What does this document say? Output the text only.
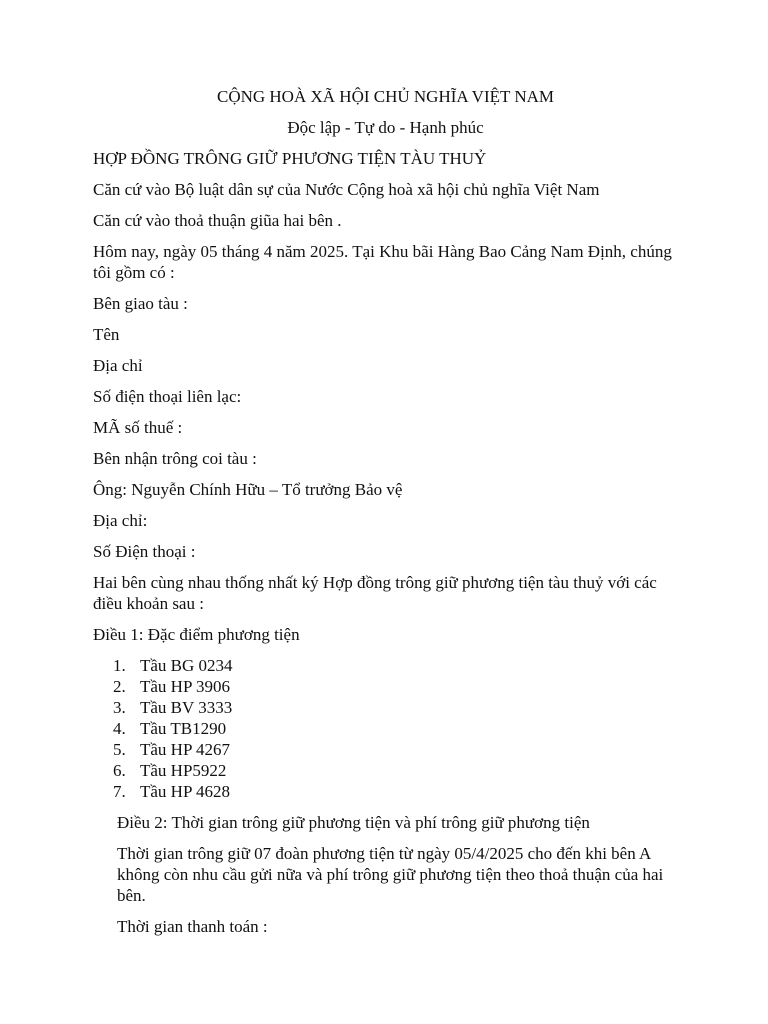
CỘNG HOÀ XÃ HỘI CHỦ NGHĨA VIỆT NAM

Độc lập - Tự do - Hạnh phúc

HỢP ĐỒNG TRÔNG GIỮ PHƯƠNG TIỆN TÀU THUỶ

Căn cứ vào Bộ luật dân sự của Nước Cộng hoà xã hội chủ nghĩa Việt Nam

Căn cứ vào thoả thuận giũa hai bên .

Hôm nay, ngày 05 tháng 4 năm 2025. Tại Khu bãi Hàng Bao Cảng Nam Định, chúng tôi gồm có :

Bên giao tàu :

Tên

Địa chỉ

Số điện thoại liên lạc:

MÃ số thuế :

Bên nhận trông coi tàu :

Ông: Nguyễn Chính Hữu – Tổ trưởng Bảo vệ

Địa chỉ:

Số Điện thoại :

Hai bên cùng nhau thống nhất ký Hợp đồng trông giữ phương tiện tàu thuỷ với các điều khoản sau :

Điều 1: Đặc điểm phương tiện

1. Tầu BG 0234
2. Tầu HP 3906
3. Tầu BV 3333
4. Tầu TB1290
5. Tầu HP 4267
6. Tầu HP5922
7. Tầu HP 4628

Điều 2: Thời gian trông giữ phương tiện và phí trông giữ phương tiện

Thời gian trông giữ 07 đoàn phương tiện từ ngày 05/4/2025 cho đến khi bên A không còn nhu cầu gửi nữa và phí trông giữ phương tiện theo thoả thuận của hai bên.

Thời gian thanh toán :
